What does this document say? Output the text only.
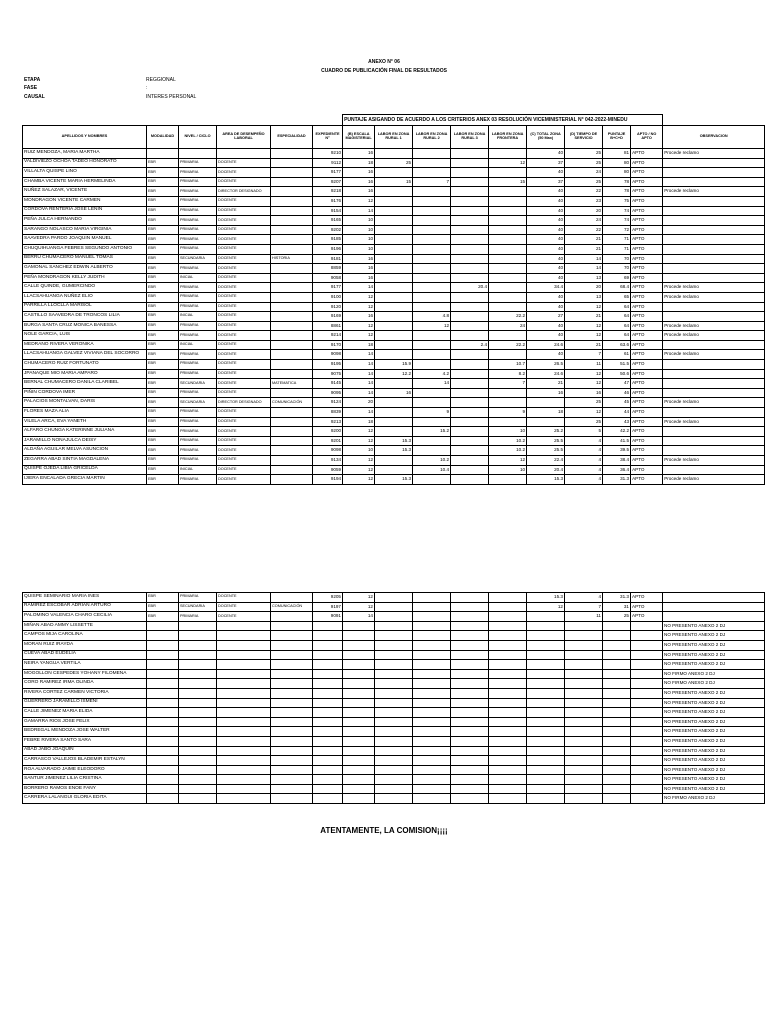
ANEXO N° 06
CUADRO DE PUBLICACIÓN FINAL DE RESULTADOS
ETAPA	REGGIONAL
FASE	:
CAUSAL	INTERES PERSONAL
						PUNTAJE ASIGANDO DE ACUERDO A LOS CRITERIOS ANEX 03 RESOLUCIÓN VICEMINISTERIAL N° 042-2022-MINEDU									
APELLIDOS Y NOMBRES	MODALIDAD	NIVEL / CICLO	AREA DE DESEMPEÑO LABORAL	ESPECIALIDAD	EXPEDIENTE N°	(B) ESCALA MAGISTERIAL	LABOR EN ZONA RURAL 1	LABOR EN ZONA RURAL 2	LABOR EN ZONA RURAL 3	LABOR EN ZONA FRONTERA	(C) TOTAL ZONA (50 Max)	(D) TIEMPO DE SERVICIO	PUNTAJE B+C+D	APTO / NO APTO	OBSERVACION
RUIZ MENDOZA, MARIA MARTHA					9210	16					40	25	81	APTO	Procede reclamo
VALDIVIEZO OCHOA TADEO HONORATO	EBR	PRIMARIA	DOCENTE		9112	18	25			12	37	25	80	APTO	
VILLALTA QUISPE LINO	EBR	PRIMARIA	DOCENTE		9177	16					40	24	80	APTO	
CHAMBA VICENTE MARIA HERMELINDA	EBR	PRIMARIA	DOCENTE		9207	16	15	7		15	37	25	78	APTO	
NUÑEZ SALAZAR, VICENTE	EBR	PRIMARIA	DIRECTOR DESIGNADO		9218	16					40	22	78	APTO	Procede reclamo
MONDRAGON VICENTE CARMEN	EBR	PRIMARIA	DOCENTE		9176	12					40	23	75	APTO	
CORDOVA RENTERIA JOSE LENIN	EBR	PRIMARIA	DOCENTE		9154	14					40	20	74	APTO	
PEÑA JULCA HERNANDO	EBR	PRIMARIA	DOCENTE		9165	10					40	24	74	APTO	
SARANGO NOLASCO MARIA VIRGINIA	EBR	PRIMARIA	DOCENTE		9202	10					40	22	72	APTO	
SAAVEDRA PARDO JOAQUIN MANUEL	EBR	PRIMARIA	DOCENTE		9185	10					40	21	71	APTO	
CHUQUIHUANGA FEBRES SEGUNDO ANTONIO	EBR	PRIMARIA	DOCENTE		9196	10					40	21	71	APTO	
BERRU CHUMACERO MANUEL TOMAS	EBR	SECUNDARIA	DOCENTE	HISTORIA	9181	16					40	14	70	APTO	
GAMONAL SANCHEZ EDWIN ALBERTO	EBR	PRIMARIA	DOCENTE		8859	16					40	14	70	APTO	
PEÑA MONDRAGON KELLY JUDITH	EBR	INICIAL	DOCENTE		9058	16					40	13	69	APTO	
CALLE QUINDE, GUMERCINDO	EBR	PRIMARIA	DOCENTE		9177	14			20.4		34.4	20	68.4	APTO	Procede reclamo
LLACSAHUANGA NUÑEZ ELIO	EBR	PRIMARIA	DOCENTE		9100	12					40	13	65	APTO	Procede reclamo
PARRILLA LLOCLLA MARISOL	EBR	PRIMARIA	DOCENTE		9120	12					40	12	64	APTO	
CASTILLO SAAVEDRA DE TRONCOS LILIA	EBR	INICIAL	DOCENTE		9169	16		4.8		22.2	27	21	64	APTO	
BURGA SANTA CRUZ MONICA BANESSA	EBR	PRIMARIA	DOCENTE		8861	12		12		24	40	12	64	APTO	Procede reclamo
NOLE GARCIA, LUIS	EBR	PRIMARIA	DOCENTE		9214	12					40	12	64	APTO	Procede reclamo
MEDRANO RIVERA VERONIKA	EBR	INICIAL	DOCENTE		9170	18			2.4	22.2	24.6	21	63.6	APTO	
LLACSAHUANGA GALVEZ VIVIANA DEL SOCORRO	EBR	PRIMARIA	DOCENTE		9098	14					40	7	61	APTO	Procede reclamo
CHUMACERO RUIZ FORTUNATO	EBR	PRIMARIA	DOCENTE		9195	14	15.9			10.7	26.5	11	51.5	APTO	
JPANAQUE MIO MARIA AMPARO	EBR	PRIMARIA	DOCENTE		9075	14	12.2	4.2		8.2	24.6	12	50.6	APTO	
BERNAL CHUMACERO DANILA CLARIBEL	EBR	SECUNDARIA	DOCENTE	MATEMATICA	9145	14		14		7	21	12	47	APTO	
PIÑIN CORDOVA IMER	EBR	PRIMARIA	DOCENTE		9095	14	16				16	16	46	APTO	
PALACIOS MONTALVAN, DARIS	EBR	SECUNDARIA	DIRECTOR DESIGNADO	COMUNICACIÓN	9124	20						25	45	APTO	Procede reclamo
FLORES MAZA ALIA	EBR	PRIMARIA	DOCENTE		8839	14		9		9	18	12	44	APTO	
VILELA ARCA, EVA YANETH	EBR	PRIMARIA	DOCENTE		9213	18						25	43	APTO	Procede reclamo
ALFARO CHUNGA KATERINNE JULIANA	EBR	PRIMARIA	DOCENTE		9200	12		15.2		10	25.2	5	42.2	APTO	
JARAMILLO NONAJULCA DEISY	EBR	PRIMARIA	DOCENTE		9201	12	15.3			10.2	25.5	4	41.5	APTO	
ALDAÑA AGUILAR MELVA ASUNCION	EBR	PRIMARIA	DOCENTE		9098	10	15.3			10.2	25.5	4	39.5	APTO	
ZEGARRA ABAD SINTIA MAGDALENA	EBR	PRIMARIA	DOCENTE		9134	12		10.2		12	22.4	4	38.4	APTO	Procede reclamo
QUISPE OJEDA LIBIA GRICELDA	EBR	INICIAL	DOCENTE		9059	12		10.4		10	20.4	4	36.4	APTO	
IJIERA ENCALADA GRECIA MARTIN	EBR	PRIMARIA	DOCENTE		9194	12	15.3				15.3	4	31.3	APTO	Procede reclamo
QUISPE SEMINARIO MARIA INES	EBR	PRIMARIA	DOCENTE		9205	12					15.3	4	31.3	APTO	
RAMIREZ ESCOBAR ADRIAN ARTURO	EBR	SECUNDARIA	DOCENTE	COMUNICACIÓN	9197	12					12	7	31	APTO	
PALOMINO VALENCIA CHARO CECILIA	EBR	PRIMARIA	DOCENTE		9091	14						11	25	APTO	
MIÑAN ABAD AMMY LISSETTE															NO PRESENTO ANEXO 2 DJ
CAMPOS MIJA CAROLINA															NO PRESENTO ANEXO 2 DJ
MORAN RUIZ IRAYDA															NO PRESENTO ANEXO 2 DJ
CUEVA ABAD EUDELIA															NO PRESENTO ANEXO 2 DJ
NEIRA YANGUA VERTILA															NO PRESENTO ANEXO 2 DJ
MOGOLLON CESPEDES YOHANY FILOMENA															NO FIRMO ANEXO 2 DJ
CORO RAMIREZ IRMA OLINDA															NO FIRMO ANEXO 2 DJ
RIVERA CORTEZ CARMEN VICTORIA															NO PRESENTO ANEXO 2 DJ
GUERRERO JARAMILLO ISMENI															NO PRESENTO ANEXO 2 DJ
CALLE JIMENEZ MARIA ELIDA															NO PRESENTO ANEXO 2 DJ
GAMARRA RIOS JOSE FELIX															NO PRESENTO ANEXO 2 DJ
BEDREGAL MENDOZA JOSE WALTER															NO PRESENTO ANEXO 2 DJ
FEBRE RIVERA SANTO SARA															NO PRESENTO ANEXO 2 DJ
ABAD JABO JOAQUIN															NO PRESENTO ANEXO 2 DJ
CARRASCO VALLEJOS BLADEMIR ESTALYN															NO PRESENTO ANEXO 2 DJ
ROA ALVARADO JAIME ELEODORO															NO PRESENTO ANEXO 2 DJ
SANTUR JIMENEZ LILIA CRISTINA															NO PRESENTO ANEXO 2 DJ
BORRERO RAMOS ENOE FANY															NO PRESENTO ANEXO 2 DJ
CARRERA LALANGUI GLORIA EDITA															NO FIRMO ANEXO 2 DJ
ATENTAMENTE, LA COMISION¡¡¡¡
